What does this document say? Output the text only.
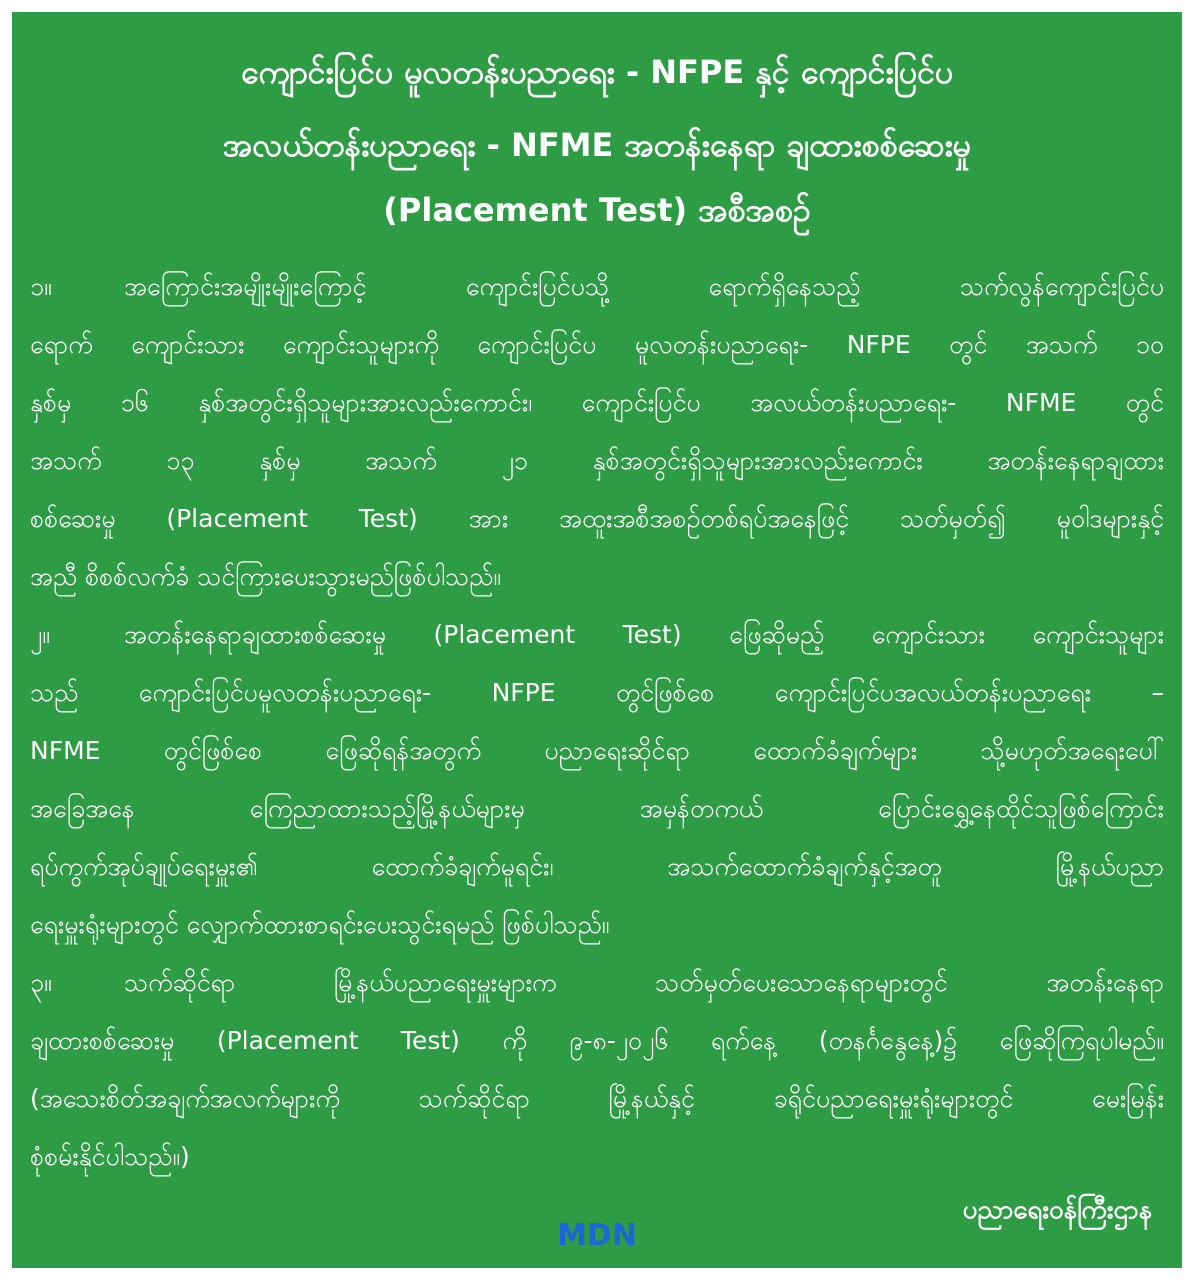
ကျောင်းပြင်ပ မူလတန်းပညာရေး - NFPE နှင့် ကျောင်းပြင်ပ
အလယ်တန်းပညာရေး - NFME အတန်းနေရာ ချထားစစ်ဆေးမှု
(Placement Test) အစီအစဉ်
၁။	အကြောင်းအမျိုးမျိုးကြောင့် ကျောင်းပြင်ပသို့ ရောက်ရှိနေသည့် သက်လွန်ကျောင်းပြင်ပ
ရောက် ကျောင်းသား ကျောင်းသူများကို ကျောင်းပြင်ပ မူလတန်းပညာရေး- NFPE တွင် အသက် ၁၀
နှစ်မှ ၁၆ နှစ်အတွင်းရှိသူများအားလည်းကောင်း၊ ကျောင်းပြင်ပ အလယ်တန်းပညာရေး- NFME တွင်
အသက် ၁၃ နှစ်မှ အသက် ၂၁ နှစ်အတွင်းရှိသူများအားလည်းကောင်း အတန်းနေရာချထား
စစ်ဆေးမှု (Placement Test) အား အထူးအစီအစဉ်တစ်ရပ်အနေဖြင့် သတ်မှတ်၍ မူဝါဒများနှင့်
အညီ စိစစ်လက်ခံ သင်ကြားပေးသွားမည်ဖြစ်ပါသည်။
၂။	အတန်းနေရာချထားစစ်ဆေးမှု (Placement Test) ဖြေဆိုမည့် ကျောင်းသား ကျောင်းသူများ
သည် ကျောင်းပြင်ပမူလတန်းပညာရေး- NFPE တွင်ဖြစ်စေ ကျောင်းပြင်ပအလယ်တန်းပညာရေး –
NFME တွင်ဖြစ်စေ ဖြေဆိုရန်အတွက် ပညာရေးဆိုင်ရာ ထောက်ခံချက်များ သို့မဟုတ်အရေးပေါ်
အခြေအနေ ကြေညာထားသည့်မြို့နယ်များမှ အမှန်တကယ် ပြောင်းရွှေ့နေထိုင်သူဖြစ်ကြောင်း
ရပ်ကွက်အုပ်ချုပ်ရေးမှူး၏ ထောက်ခံချက်မူရင်း၊ အသက်ထောက်ခံချက်နှင့်အတူ မြို့နယ်ပညာ
ရေးမှူးရုံးများတွင် လျှောက်ထားစာရင်းပေးသွင်းရမည် ဖြစ်ပါသည်။
၃။	သက်ဆိုင်ရာ မြို့နယ်ပညာရေးမှူးများက သတ်မှတ်ပေးသောနေရာများတွင် အတန်းနေရာ
ချထားစစ်ဆေးမှု (Placement Test) ကို ၉-၈-၂၀၂၆ ရက်နေ့ (တနင်္ဂနွေနေ့)၌ ဖြေဆိုကြရပါမည်။
(အသေးစိတ်အချက်အလက်များကို သက်ဆိုင်ရာ မြို့နယ်နှင့် ခရိုင်ပညာရေးမှူးရုံးများတွင် မေးမြန်း
စုံစမ်းနိုင်ပါသည်။)
ပညာရေးဝန်ကြီးဌာန
MDN
